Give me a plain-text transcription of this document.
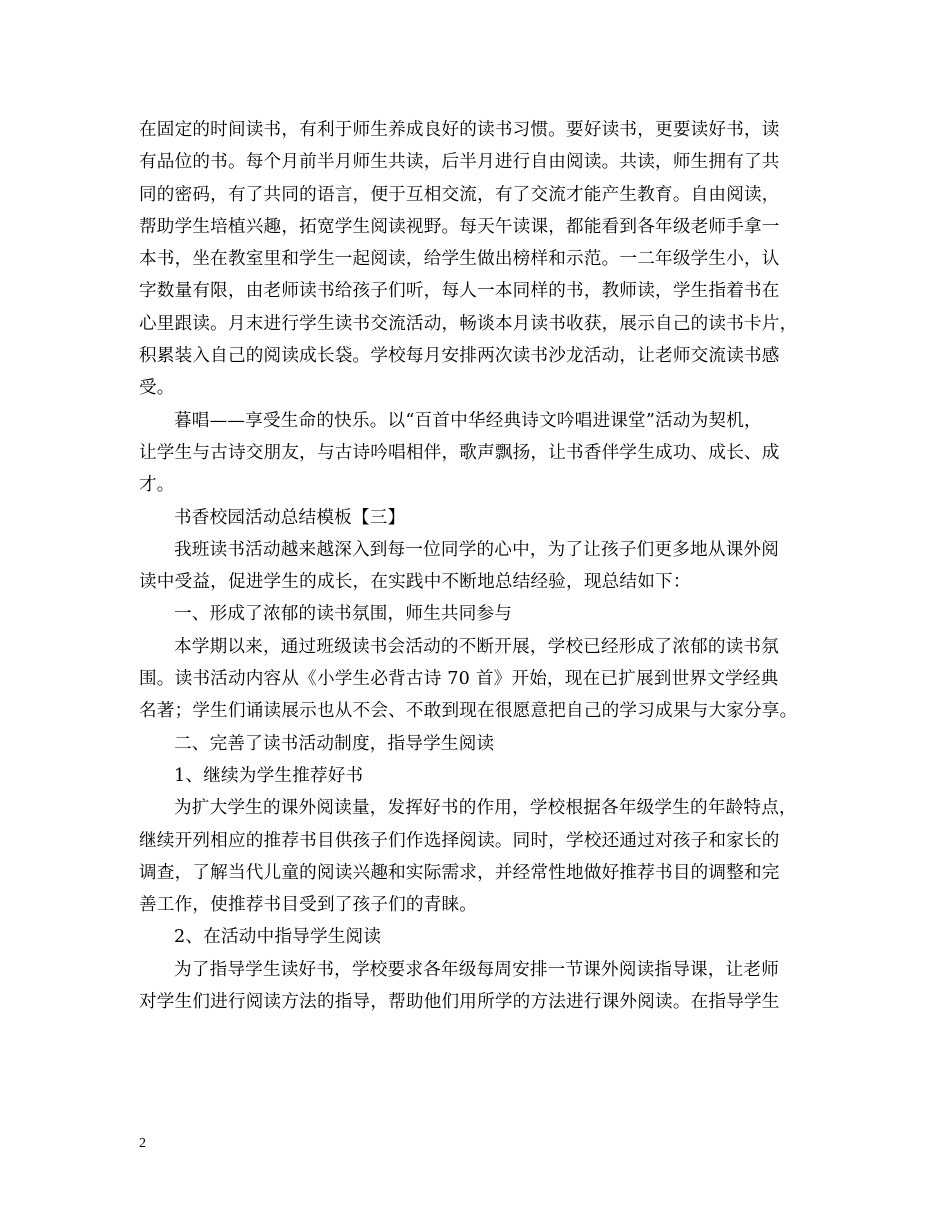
在固定的时间读书，有利于师生养成良好的读书习惯。要好读书，更要读好书，读
有品位的书。每个月前半月师生共读，后半月进行自由阅读。共读，师生拥有了共
同的密码，有了共同的语言，便于互相交流，有了交流才能产生教育。自由阅读，
帮助学生培植兴趣，拓宽学生阅读视野。每天午读课，都能看到各年级老师手拿一
本书，坐在教室里和学生一起阅读，给学生做出榜样和示范。一二年级学生小，认
字数量有限，由老师读书给孩子们听，每人一本同样的书，教师读，学生指着书在
心里跟读。月末进行学生读书交流活动，畅谈本月读书收获，展示自己的读书卡片，
积累装入自己的阅读成长袋。学校每月安排两次读书沙龙活动，让老师交流读书感
受。
暮唱——享受生命的快乐。以“百首中华经典诗文吟唱进课堂”活动为契机，
让学生与古诗交朋友，与古诗吟唱相伴，歌声飘扬，让书香伴学生成功、成长、成
才。
书香校园活动总结模板【三】
我班读书活动越来越深入到每一位同学的心中，为了让孩子们更多地从课外阅
读中受益，促进学生的成长，在实践中不断地总结经验，现总结如下：
一、形成了浓郁的读书氛围，师生共同参与
本学期以来，通过班级读书会活动的不断开展，学校已经形成了浓郁的读书氛
围。读书活动内容从《小学生必背古诗 70 首》开始，现在已扩展到世界文学经典
名著；学生们诵读展示也从不会、不敢到现在很愿意把自己的学习成果与大家分享。
二、完善了读书活动制度，指导学生阅读
1、继续为学生推荐好书
为扩大学生的课外阅读量，发挥好书的作用，学校根据各年级学生的年龄特点，
继续开列相应的推荐书目供孩子们作选择阅读。同时，学校还通过对孩子和家长的
调查，了解当代儿童的阅读兴趣和实际需求，并经常性地做好推荐书目的调整和完
善工作，使推荐书目受到了孩子们的青睐。
2、在活动中指导学生阅读
为了指导学生读好书，学校要求各年级每周安排一节课外阅读指导课，让老师
对学生们进行阅读方法的指导，帮助他们用所学的方法进行课外阅读。在指导学生
2
